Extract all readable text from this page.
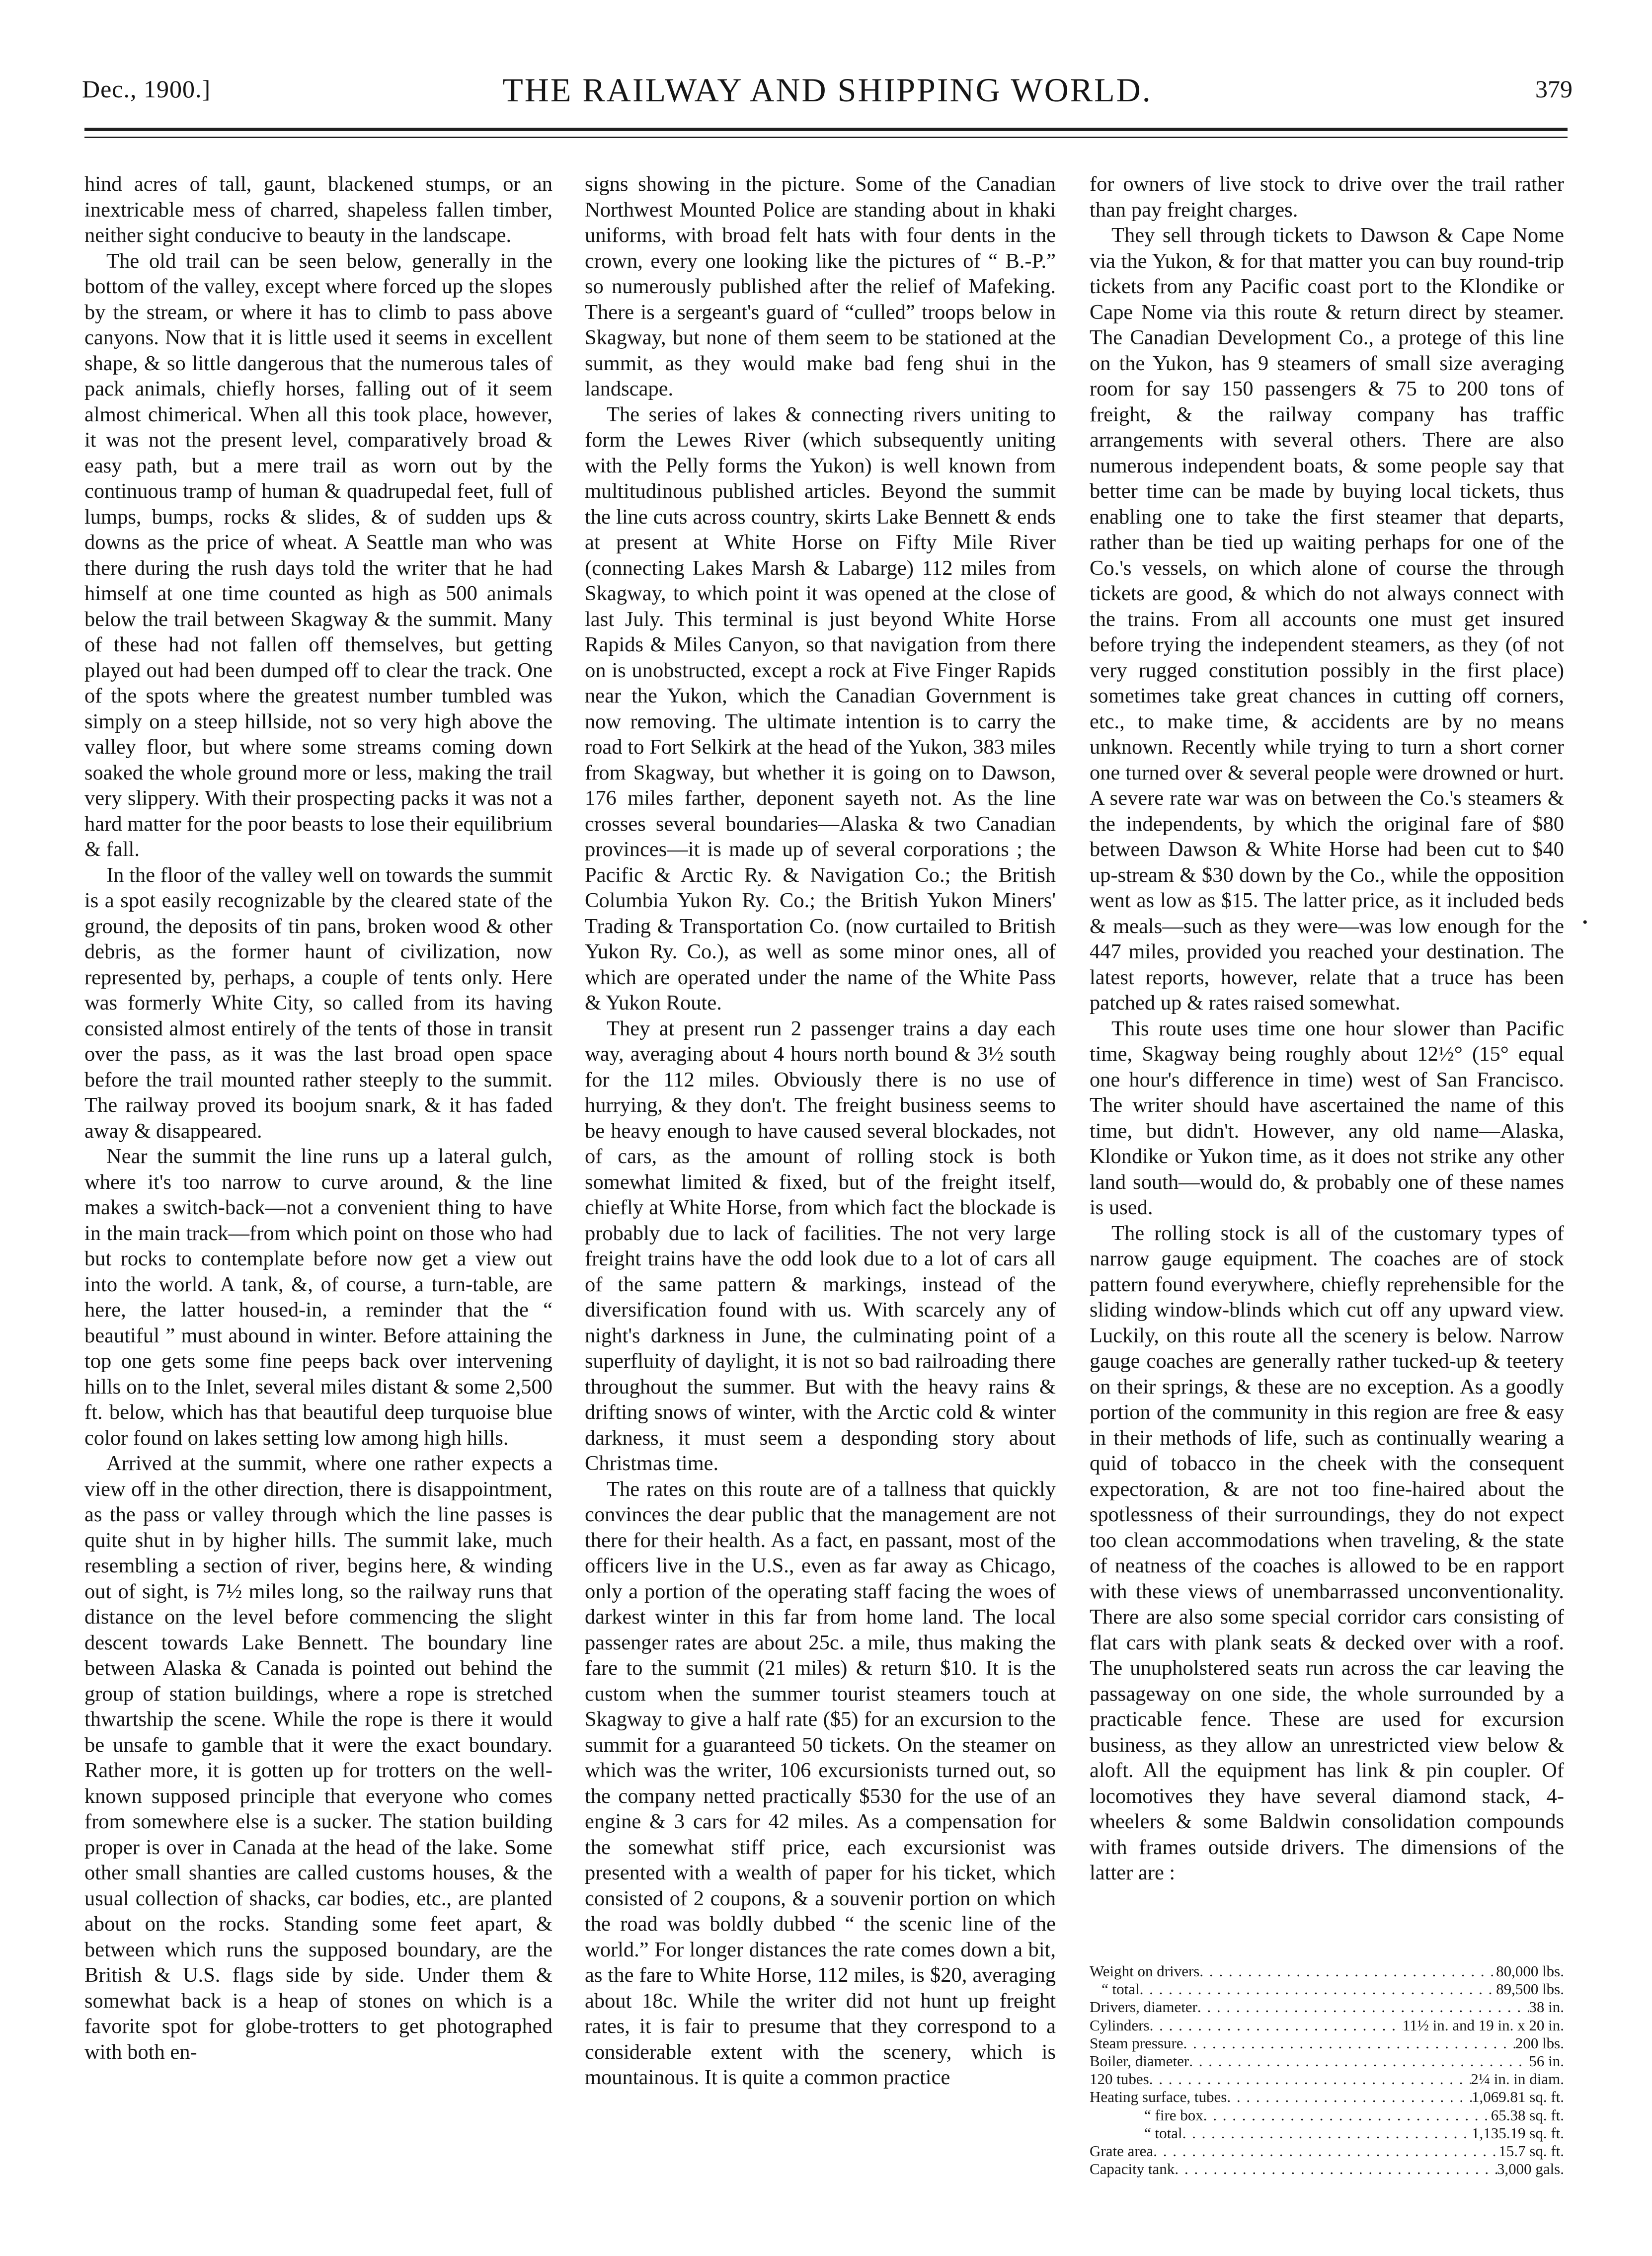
Dec., 1900.]	THE RAILWAY AND SHIPPING WORLD.	379

hind acres of tall, gaunt, blackened stumps, or an inextricable mess of charred, shapeless fallen timber, neither sight conducive to beauty in the landscape.

The old trail can be seen below, generally in the bottom of the valley, except where forced up the slopes by the stream, or where it has to climb to pass above canyons. Now that it is little used it seems in excellent shape, & so little dangerous that the numerous tales of pack animals, chiefly horses, falling out of it seem almost chimerical. When all this took place, however, it was not the present level, comparatively broad & easy path, but a mere trail as worn out by the continuous tramp of human & quadrupedal feet, full of lumps, bumps, rocks & slides, & of sudden ups & downs as the price of wheat. A Seattle man who was there during the rush days told the writer that he had himself at one time counted as high as 500 animals below the trail between Skagway & the summit. Many of these had not fallen off themselves, but getting played out had been dumped off to clear the track. One of the spots where the greatest number tumbled was simply on a steep hillside, not so very high above the valley floor, but where some streams coming down soaked the whole ground more or less, making the trail very slippery. With their prospecting packs it was not a hard matter for the poor beasts to lose their equilibrium & fall.

In the floor of the valley well on towards the summit is a spot easily recognizable by the cleared state of the ground, the deposits of tin pans, broken wood & other debris, as the former haunt of civilization, now represented by, perhaps, a couple of tents only. Here was formerly White City, so called from its having consisted almost entirely of the tents of those in transit over the pass, as it was the last broad open space before the trail mounted rather steeply to the summit. The railway proved its boojum snark, & it has faded away & disappeared.

Near the summit the line runs up a lateral gulch, where it's too narrow to curve around, & the line makes a switch-back—not a convenient thing to have in the main track—from which point on those who had but rocks to contemplate before now get a view out into the world. A tank, &, of course, a turn-table, are here, the latter housed-in, a reminder that the “ beautiful ” must abound in winter. Before attaining the top one gets some fine peeps back over intervening hills on to the Inlet, several miles distant & some 2,500 ft. below, which has that beautiful deep turquoise blue color found on lakes setting low among high hills.

Arrived at the summit, where one rather expects a view off in the other direction, there is disappointment, as the pass or valley through which the line passes is quite shut in by higher hills. The summit lake, much resembling a section of river, begins here, & winding out of sight, is 7½ miles long, so the railway runs that distance on the level before commencing the slight descent towards Lake Bennett. The boundary line between Alaska & Canada is pointed out behind the group of station buildings, where a rope is stretched thwartship the scene. While the rope is there it would be unsafe to gamble that it were the exact boundary. Rather more, it is gotten up for trotters on the well-known supposed principle that everyone who comes from somewhere else is a sucker. The station building proper is over in Canada at the head of the lake. Some other small shanties are called customs houses, & the usual collection of shacks, car bodies, etc., are planted about on the rocks. Standing some feet apart, & between which runs the supposed boundary, are the British & U.S. flags side by side. Under them & somewhat back is a heap of stones on which is a favorite spot for globe-trotters to get photographed with both en-

signs showing in the picture. Some of the Canadian Northwest Mounted Police are standing about in khaki uniforms, with broad felt hats with four dents in the crown, every one looking like the pictures of “ B.-P.” so numerously published after the relief of Mafeking. There is a sergeant's guard of “culled” troops below in Skagway, but none of them seem to be stationed at the summit, as they would make bad feng shui in the landscape.

The series of lakes & connecting rivers uniting to form the Lewes River (which subsequently uniting with the Pelly forms the Yukon) is well known from multitudinous published articles. Beyond the summit the line cuts across country, skirts Lake Bennett & ends at present at White Horse on Fifty Mile River (connecting Lakes Marsh & Labarge) 112 miles from Skagway, to which point it was opened at the close of last July. This terminal is just beyond White Horse Rapids & Miles Canyon, so that navigation from there on is unobstructed, except a rock at Five Finger Rapids near the Yukon, which the Canadian Government is now removing. The ultimate intention is to carry the road to Fort Selkirk at the head of the Yukon, 383 miles from Skagway, but whether it is going on to Dawson, 176 miles farther, deponent sayeth not. As the line crosses several boundaries—Alaska & two Canadian provinces—it is made up of several corporations ; the Pacific & Arctic Ry. & Navigation Co.; the British Columbia Yukon Ry. Co.; the British Yukon Miners' Trading & Transportation Co. (now curtailed to British Yukon Ry. Co.), as well as some minor ones, all of which are operated under the name of the White Pass & Yukon Route.

They at present run 2 passenger trains a day each way, averaging about 4 hours north bound & 3½ south for the 112 miles. Obviously there is no use of hurrying, & they don't. The freight business seems to be heavy enough to have caused several blockades, not of cars, as the amount of rolling stock is both somewhat limited & fixed, but of the freight itself, chiefly at White Horse, from which fact the blockade is probably due to lack of facilities. The not very large freight trains have the odd look due to a lot of cars all of the same pattern & markings, instead of the diversification found with us. With scarcely any of night's darkness in June, the culminating point of a superfluity of daylight, it is not so bad railroading there throughout the summer. But with the heavy rains & drifting snows of winter, with the Arctic cold & winter darkness, it must seem a desponding story about Christmas time.

The rates on this route are of a tallness that quickly convinces the dear public that the management are not there for their health. As a fact, en passant, most of the officers live in the U.S., even as far away as Chicago, only a portion of the operating staff facing the woes of darkest winter in this far from home land. The local passenger rates are about 25c. a mile, thus making the fare to the summit (21 miles) & return $10. It is the custom when the summer tourist steamers touch at Skagway to give a half rate ($5) for an excursion to the summit for a guaranteed 50 tickets. On the steamer on which was the writer, 106 excursionists turned out, so the company netted practically $530 for the use of an engine & 3 cars for 42 miles. As a compensation for the somewhat stiff price, each excursionist was presented with a wealth of paper for his ticket, which consisted of 2 coupons, & a souvenir portion on which the road was boldly dubbed “ the scenic line of the world.” For longer distances the rate comes down a bit, as the fare to White Horse, 112 miles, is $20, averaging about 18c. While the writer did not hunt up freight rates, it is fair to presume that they correspond to a considerable extent with the scenery, which is mountainous. It is quite a common practice

for owners of live stock to drive over the trail rather than pay freight charges.

They sell through tickets to Dawson & Cape Nome via the Yukon, & for that matter you can buy round-trip tickets from any Pacific coast port to the Klondike or Cape Nome via this route & return direct by steamer. The Canadian Development Co., a protege of this line on the Yukon, has 9 steamers of small size averaging room for say 150 passengers & 75 to 200 tons of freight, & the railway company has traffic arrangements with several others. There are also numerous independent boats, & some people say that better time can be made by buying local tickets, thus enabling one to take the first steamer that departs, rather than be tied up waiting perhaps for one of the Co.'s vessels, on which alone of course the through tickets are good, & which do not always connect with the trains. From all accounts one must get insured before trying the independent steamers, as they (of not very rugged constitution possibly in the first place) sometimes take great chances in cutting off corners, etc., to make time, & accidents are by no means unknown. Recently while trying to turn a short corner one turned over & several people were drowned or hurt. A severe rate war was on between the Co.'s steamers & the independents, by which the original fare of $80 between Dawson & White Horse had been cut to $40 up-stream & $30 down by the Co., while the opposition went as low as $15. The latter price, as it included beds & meals—such as they were—was low enough for the 447 miles, provided you reached your destination. The latest reports, however, relate that a truce has been patched up & rates raised somewhat.

This route uses time one hour slower than Pacific time, Skagway being roughly about 12½° (15° equal one hour's difference in time) west of San Francisco. The writer should have ascertained the name of this time, but didn't. However, any old name—Alaska, Klondike or Yukon time, as it does not strike any other land south—would do, & probably one of these names is used.

The rolling stock is all of the customary types of narrow gauge equipment. The coaches are of stock pattern found everywhere, chiefly reprehensible for the sliding window-blinds which cut off any upward view. Luckily, on this route all the scenery is below. Narrow gauge coaches are generally rather tucked-up & teetery on their springs, & these are no exception. As a goodly portion of the community in this region are free & easy in their methods of life, such as continually wearing a quid of tobacco in the cheek with the consequent expectoration, & are not too fine-haired about the spotlessness of their surroundings, they do not expect too clean accommodations when traveling, & the state of neatness of the coaches is allowed to be en rapport with these views of unembarrassed unconventionality. There are also some special corridor cars consisting of flat cars with plank seats & decked over with a roof. The unupholstered seats run across the car leaving the passageway on one side, the whole surrounded by a practicable fence. These are used for excursion business, as they allow an unrestricted view below & aloft. All the equipment has link & pin coupler. Of locomotives they have several diamond stack, 4-wheelers & some Baldwin consolidation compounds with frames outside drivers. The dimensions of the latter are :

Weight on drivers . . .	80,000 lbs.
“ total . . .	89,500 lbs.
Drivers, diameter . . .	38 in.
Cylinders . . .	11½ in. and 19 in. x 20 in.
Steam pressure . . .	200 lbs.
Boiler, diameter . . .	56 in.
120 tubes . . .	2¼ in. in diam.
Heating surface, tubes . . .	1,069.81 sq. ft.
“ fire box . . .	65.38 sq. ft.
“ total . . .	1,135.19 sq. ft.
Grate area . . .	15.7 sq. ft.
Capacity tank . . .	3,000 gals.
•
